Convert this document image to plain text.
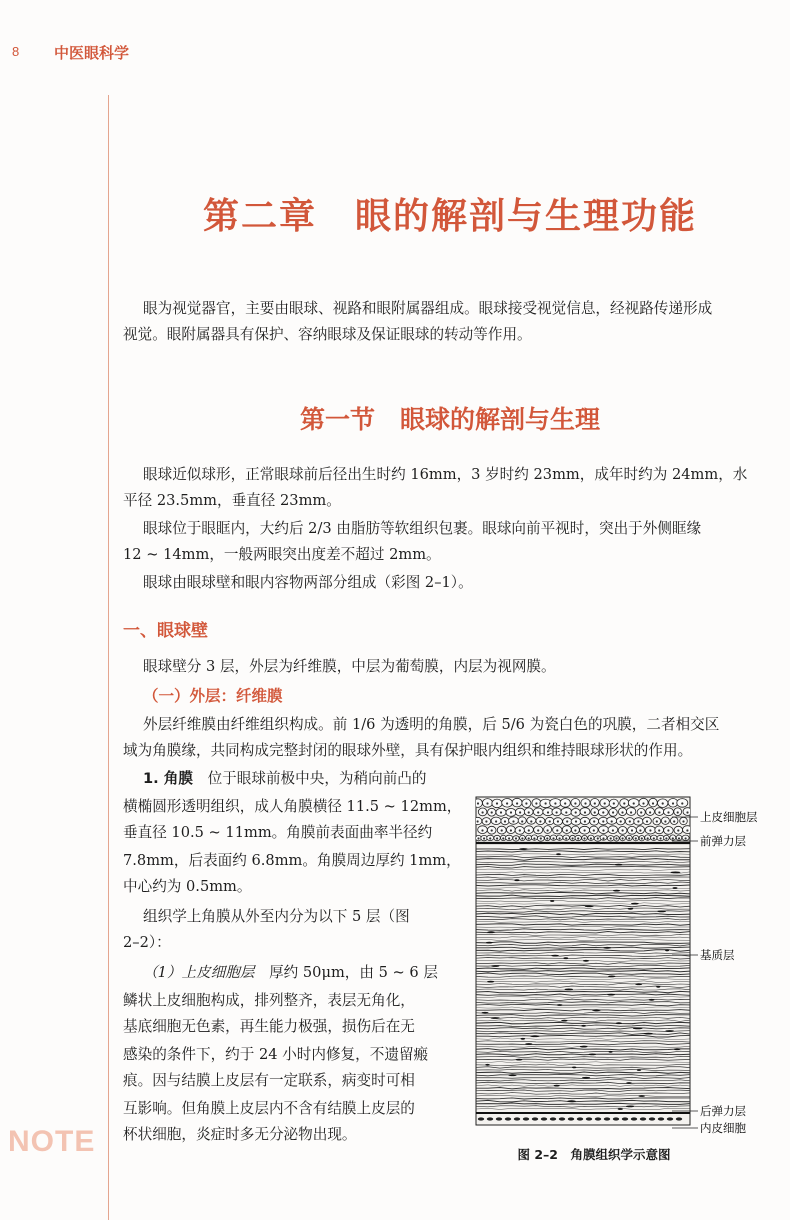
8 中医眼科学
第二章　眼的解剖与生理功能

眼为视觉器官，主要由眼球、视路和眼附属器组成。眼球接受视觉信息，经视路传递形成

视觉。眼附属器具有保护、容纳眼球及保证眼球的转动等作用。

第一节　眼球的解剖与生理

眼球近似球形，正常眼球前后径出生时约 16mm，3 岁时约 23mm，成年时约为 24mm，水

平径 23.5mm，垂直径 23mm。

眼球位于眼眶内，大约后 2/3 由脂肪等软组织包裹。眼球向前平视时，突出于外侧眶缘

12 ~ 14mm，一般两眼突出度差不超过 2mm。

眼球由眼球壁和眼内容物两部分组成（彩图 2–1）。

一、眼球壁

眼球壁分 3 层，外层为纤维膜，中层为葡萄膜，内层为视网膜。

（一）外层：纤维膜

外层纤维膜由纤维组织构成。前 1/6 为透明的角膜，后 5/6 为瓷白色的巩膜，二者相交区

域为角膜缘，共同构成完整封闭的眼球外壁，具有保护眼内组织和维持眼球形状的作用。

1. 角膜　 位于眼球前极中央，为稍向前凸的

横椭圆形透明组织，成人角膜横径 11.5 ~ 12mm，

垂直径 10.5 ~ 11mm。角膜前表面曲率半径约

7.8mm，后表面约 6.8mm。角膜周边厚约 1mm，

中心约为 0.5mm。

组织学上角膜从外至内分为以下 5 层（图

2–2）：

（1）上皮细胞层　 厚约 50μm，由 5 ~ 6 层

鳞状上皮细胞构成，排列整齐，表层无角化，

基底细胞无色素，再生能力极强，损伤后在无

感染的条件下，约于 24 小时内修复，不遗留瘢

痕。因与结膜上皮层有一定联系，病变时可相

互影响。但角膜上皮层内不含有结膜上皮层的

杯状细胞，炎症时多无分泌物出现。

上皮细胞层
前弹力层
基质层
后弹力层
内皮细胞
图 2–2　角膜组织学示意图
NOTE
